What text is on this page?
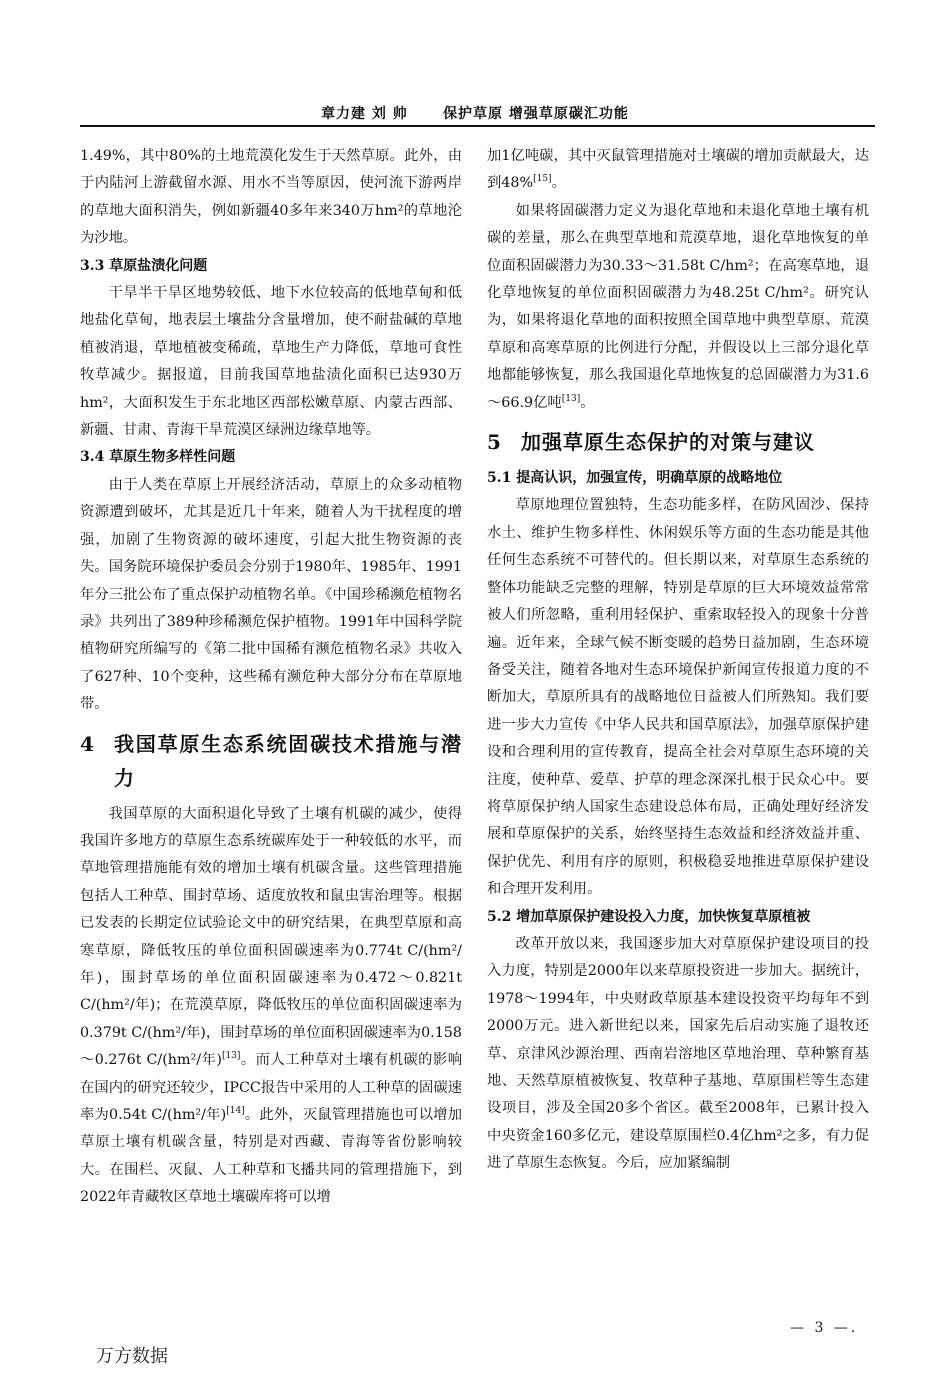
章力建 刘 帅	保护草原 增强草原碳汇功能

1.49%，其中80%的土地荒漠化发生于天然草原。此外，由于内陆河上游截留水源、用水不当等原因，使河流下游两岸的草地大面积消失，例如新疆40多年来340万hm²的草地沦为沙地。

3.3 草原盐渍化问题

干旱半干旱区地势较低、地下水位较高的低地草甸和低地盐化草甸，地表层土壤盐分含量增加，使不耐盐碱的草地植被消退，草地植被变稀疏，草地生产力降低，草地可食性牧草减少。据报道，目前我国草地盐渍化面积已达930万hm²，大面积发生于东北地区西部松嫩草原、内蒙古西部、新疆、甘肃、青海干旱荒漠区绿洲边缘草地等。

3.4 草原生物多样性问题

由于人类在草原上开展经济活动，草原上的众多动植物资源遭到破坏，尤其是近几十年来，随着人为干扰程度的增强，加剧了生物资源的破坏速度，引起大批生物资源的丧失。国务院环境保护委员会分别于1980年、1985年、1991年分三批公布了重点保护动植物名单。《中国珍稀濒危植物名录》共列出了389种珍稀濒危保护植物。1991年中国科学院植物研究所编写的《第二批中国稀有濒危植物名录》共收入了627种、10个变种，这些稀有濒危种大部分分布在草原地带。

4 我国草原生态系统固碳技术措施与潜力

我国草原的大面积退化导致了土壤有机碳的减少，使得我国许多地方的草原生态系统碳库处于一种较低的水平，而草地管理措施能有效的增加土壤有机碳含量。这些管理措施包括人工种草、围封草场、适度放牧和鼠虫害治理等。根据已发表的长期定位试验论文中的研究结果，在典型草原和高寒草原，降低牧压的单位面积固碳速率为0.774t C/(hm²/年)，围封草场的单位面积固碳速率为0.472～0.821t C/(hm²/年)；在荒漠草原，降低牧压的单位面积固碳速率为0.379t C/(hm²/年)，围封草场的单位面积固碳速率为0.158～0.276t C/(hm²/年)[13]。而人工种草对土壤有机碳的影响在国内的研究还较少，IPCC报告中采用的人工种草的固碳速率为0.54t C/(hm²/年)[14]。此外，灭鼠管理措施也可以增加草原土壤有机碳含量，特别是对西藏、青海等省份影响较大。在围栏、灭鼠、人工种草和飞播共同的管理措施下，到2022年青藏牧区草地土壤碳库将可以增

加1亿吨碳，其中灭鼠管理措施对土壤碳的增加贡献最大，达到48%[15]。

如果将固碳潜力定义为退化草地和未退化草地土壤有机碳的差量，那么在典型草地和荒漠草地，退化草地恢复的单位面积固碳潜力为30.33～31.58t C/hm²；在高寒草地，退化草地恢复的单位面积固碳潜力为48.25t C/hm²。研究认为，如果将退化草地的面积按照全国草地中典型草原、荒漠草原和高寒草原的比例进行分配，并假设以上三部分退化草地都能够恢复，那么我国退化草地恢复的总固碳潜力为31.6～66.9亿吨[13]。

5 加强草原生态保护的对策与建议
5.1 提高认识，加强宣传，明确草原的战略地位

草原地理位置独特，生态功能多样，在防风固沙、保持水土、维护生物多样性、休闲娱乐等方面的生态功能是其他任何生态系统不可替代的。但长期以来，对草原生态系统的整体功能缺乏完整的理解，特别是草原的巨大环境效益常常被人们所忽略，重利用轻保护、重索取轻投入的现象十分普遍。近年来，全球气候不断变暖的趋势日益加剧，生态环境备受关注，随着各地对生态环境保护新闻宣传报道力度的不断加大，草原所具有的战略地位日益被人们所熟知。我们要进一步大力宣传《中华人民共和国草原法》，加强草原保护建设和合理利用的宣传教育，提高全社会对草原生态环境的关注度，使种草、爱草、护草的理念深深扎根于民众心中。要将草原保护纳人国家生态建设总体布局，正确处理好经济发展和草原保护的关系，始终坚持生态效益和经济效益并重、保护优先、利用有序的原则，积极稳妥地推进草原保护建设和合理开发利用。

5.2 增加草原保护建设投入力度，加快恢复草原植被

改革开放以来，我国逐步加大对草原保护建设项目的投入力度，特别是2000年以来草原投资进一步加大。据统计，1978～1994年，中央财政草原基本建设投资平均每年不到2000万元。进入新世纪以来，国家先后启动实施了退牧还草、京津风沙源治理、西南岩溶地区草地治理、草种繁育基地、天然草原植被恢复、牧草种子基地、草原围栏等生态建设项目，涉及全国20多个省区。截至2008年，已累计投入中央资金160多亿元，建设草原围栏0.4亿hm²之多，有力促进了草原生态恢复。今后，应加紧编制

— 3 —.
万方数据
